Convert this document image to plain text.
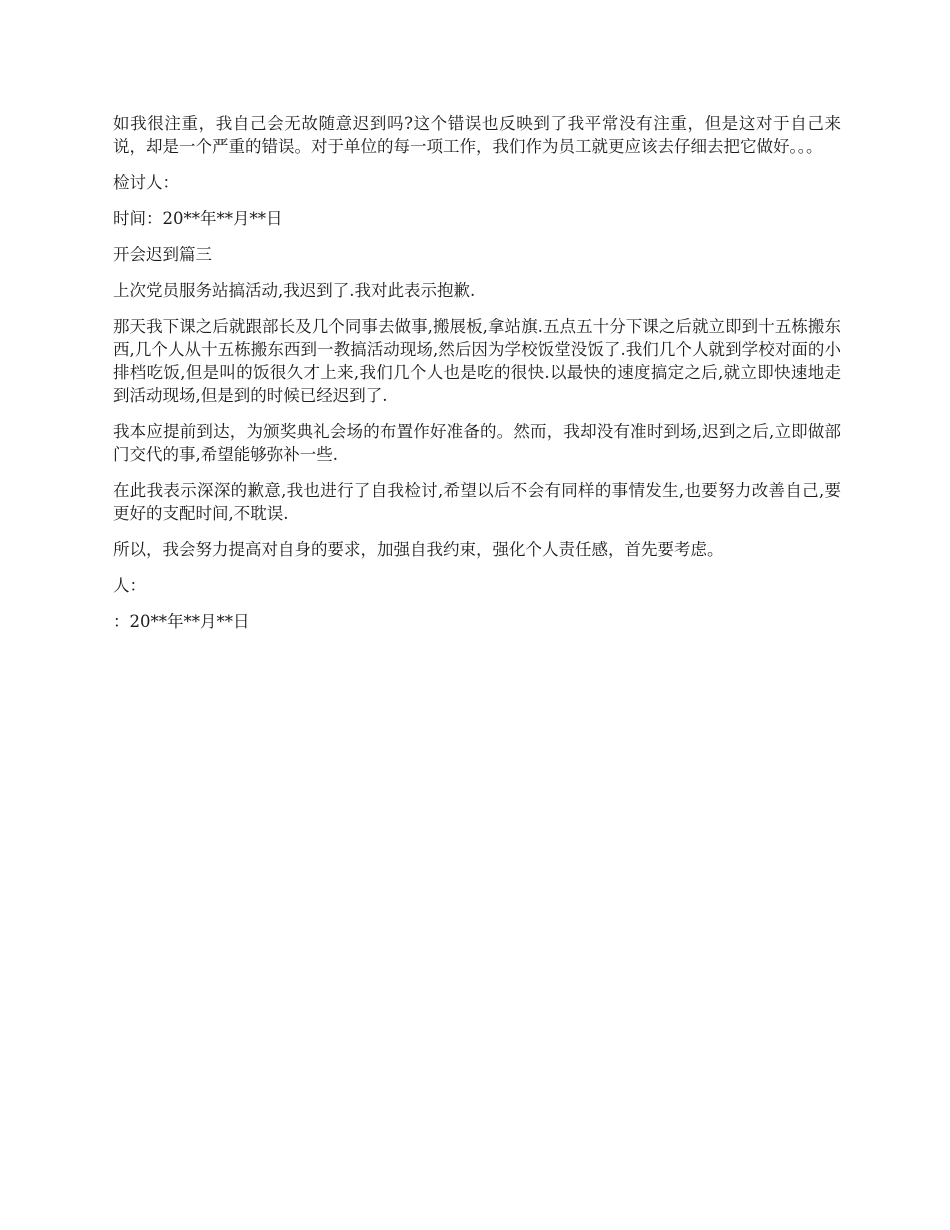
如我很注重，我自己会无故随意迟到吗?这个错误也反映到了我平常没有注重，但是这对于自己来说，却是一个严重的错误。对于单位的每一项工作，我们作为员工就更应该去仔细去把它做好。。。

检讨人：

时间：20**年**月**日

开会迟到篇三

上次党员服务站搞活动,我迟到了.我对此表示抱歉.

那天我下课之后就跟部长及几个同事去做事,搬展板,拿站旗.五点五十分下课之后就立即到十五栋搬东西,几个人从十五栋搬东西到一教搞活动现场,然后因为学校饭堂没饭了.我们几个人就到学校对面的小排档吃饭,但是叫的饭很久才上来,我们几个人也是吃的很快.以最快的速度搞定之后,就立即快速地走到活动现场,但是到的时候已经迟到了.

我本应提前到达，为颁奖典礼会场的布置作好准备的。然而，我却没有准时到场,迟到之后,立即做部门交代的事,希望能够弥补一些.

在此我表示深深的歉意,我也进行了自我检讨,希望以后不会有同样的事情发生,也要努力改善自己,要更好的支配时间,不耽误.

所以，我会努力提高对自身的要求，加强自我约束，强化个人责任感，首先要考虑。

人：

：20**年**月**日
